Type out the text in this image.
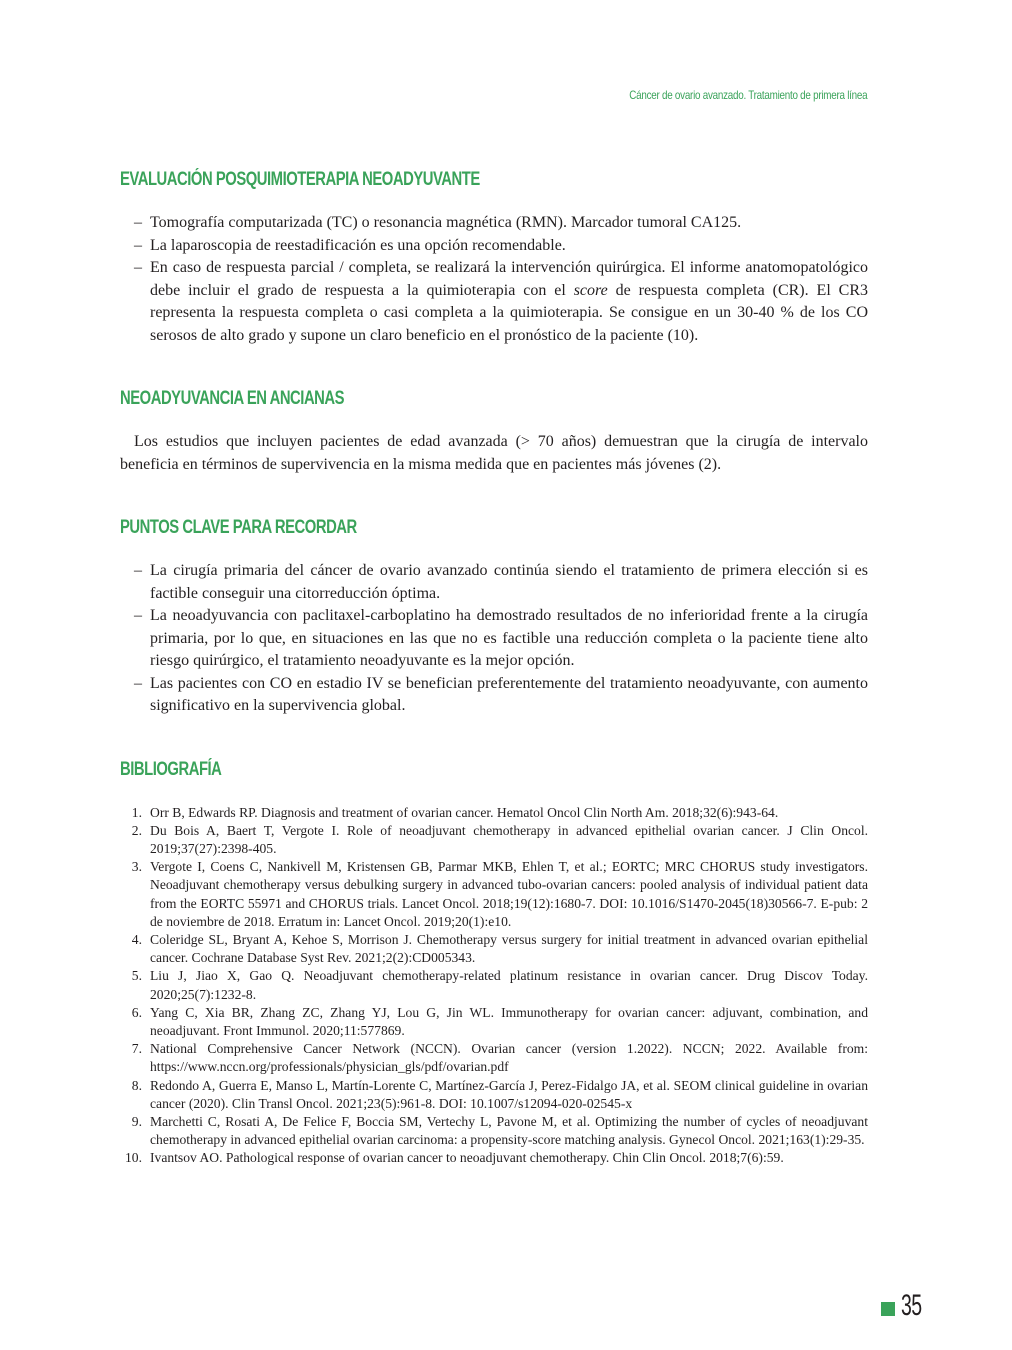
Cáncer de ovario avanzado. Tratamiento de primera línea
EVALUACIÓN POSQUIMIOTERAPIA NEOADYUVANTE
– Tomografía computarizada (TC) o resonancia magnética (RMN). Marcador tumoral CA125.
– La laparoscopia de reestadificación es una opción recomendable.
– En caso de respuesta parcial / completa, se realizará la intervención quirúrgica. El informe anatomopatológico debe incluir el grado de respuesta a la quimioterapia con el score de respuesta completa (CR). El CR3 representa la respuesta completa o casi completa a la quimioterapia. Se consigue en un 30-40 % de los CO serosos de alto grado y supone un claro beneficio en el pronóstico de la paciente (10).
NEOADYUVANCIA EN ANCIANAS

Los estudios que incluyen pacientes de edad avanzada (> 70 años) demuestran que la cirugía de intervalo beneficia en términos de supervivencia en la misma medida que en pacientes más jóvenes (2).

PUNTOS CLAVE PARA RECORDAR
– La cirugía primaria del cáncer de ovario avanzado continúa siendo el tratamiento de primera elección si es factible conseguir una citorreducción óptima.
– La neoadyuvancia con paclitaxel-carboplatino ha demostrado resultados de no inferioridad frente a la cirugía primaria, por lo que, en situaciones en las que no es factible una reducción completa o la paciente tiene alto riesgo quirúrgico, el tratamiento neoadyuvante es la mejor opción.
– Las pacientes con CO en estadio IV se benefician preferentemente del tratamiento neoadyuvante, con aumento significativo en la supervivencia global.
BIBLIOGRAFÍA
1. Orr B, Edwards RP. Diagnosis and treatment of ovarian cancer. Hematol Oncol Clin North Am. 2018;32(6):943-64.
2. Du Bois A, Baert T, Vergote I. Role of neoadjuvant chemotherapy in advanced epithelial ovarian cancer. J Clin Oncol. 2019;37(27):2398-405.
3. Vergote I, Coens C, Nankivell M, Kristensen GB, Parmar MKB, Ehlen T, et al.; EORTC; MRC CHORUS study investigators. Neoadjuvant chemotherapy versus debulking surgery in advanced tubo-ovarian cancers: pooled analysis of individual patient data from the EORTC 55971 and CHORUS trials. Lancet Oncol. 2018;19(12):1680-7. DOI: 10.1016/S1470-2045(18)30566-7. E-pub: 2 de noviembre de 2018. Erratum in: Lancet Oncol. 2019;20(1):e10.
4. Coleridge SL, Bryant A, Kehoe S, Morrison J. Chemotherapy versus surgery for initial treatment in advanced ovarian epithelial cancer. Cochrane Database Syst Rev. 2021;2(2):CD005343.
5. Liu J, Jiao X, Gao Q. Neoadjuvant chemotherapy-related platinum resistance in ovarian cancer. Drug Discov Today. 2020;25(7):1232-8.
6. Yang C, Xia BR, Zhang ZC, Zhang YJ, Lou G, Jin WL. Immunotherapy for ovarian cancer: adjuvant, combination, and neoadjuvant. Front Immunol. 2020;11:577869.
7. National Comprehensive Cancer Network (NCCN). Ovarian cancer (version 1.2022). NCCN; 2022. Available from: https://www.nccn.org/professionals/physician_gls/pdf/ovarian.pdf
8. Redondo A, Guerra E, Manso L, Martín-Lorente C, Martínez-García J, Perez-Fidalgo JA, et al. SEOM clinical guideline in ovarian cancer (2020). Clin Transl Oncol. 2021;23(5):961-8. DOI: 10.1007/s12094-020-02545-x
9. Marchetti C, Rosati A, De Felice F, Boccia SM, Vertechy L, Pavone M, et al. Optimizing the number of cycles of neoadjuvant chemotherapy in advanced epithelial ovarian carcinoma: a propensity-score matching analysis. Gynecol Oncol. 2021;163(1):29-35.
10. Ivantsov AO. Pathological response of ovarian cancer to neoadjuvant chemotherapy. Chin Clin Oncol. 2018;7(6):59.
35
